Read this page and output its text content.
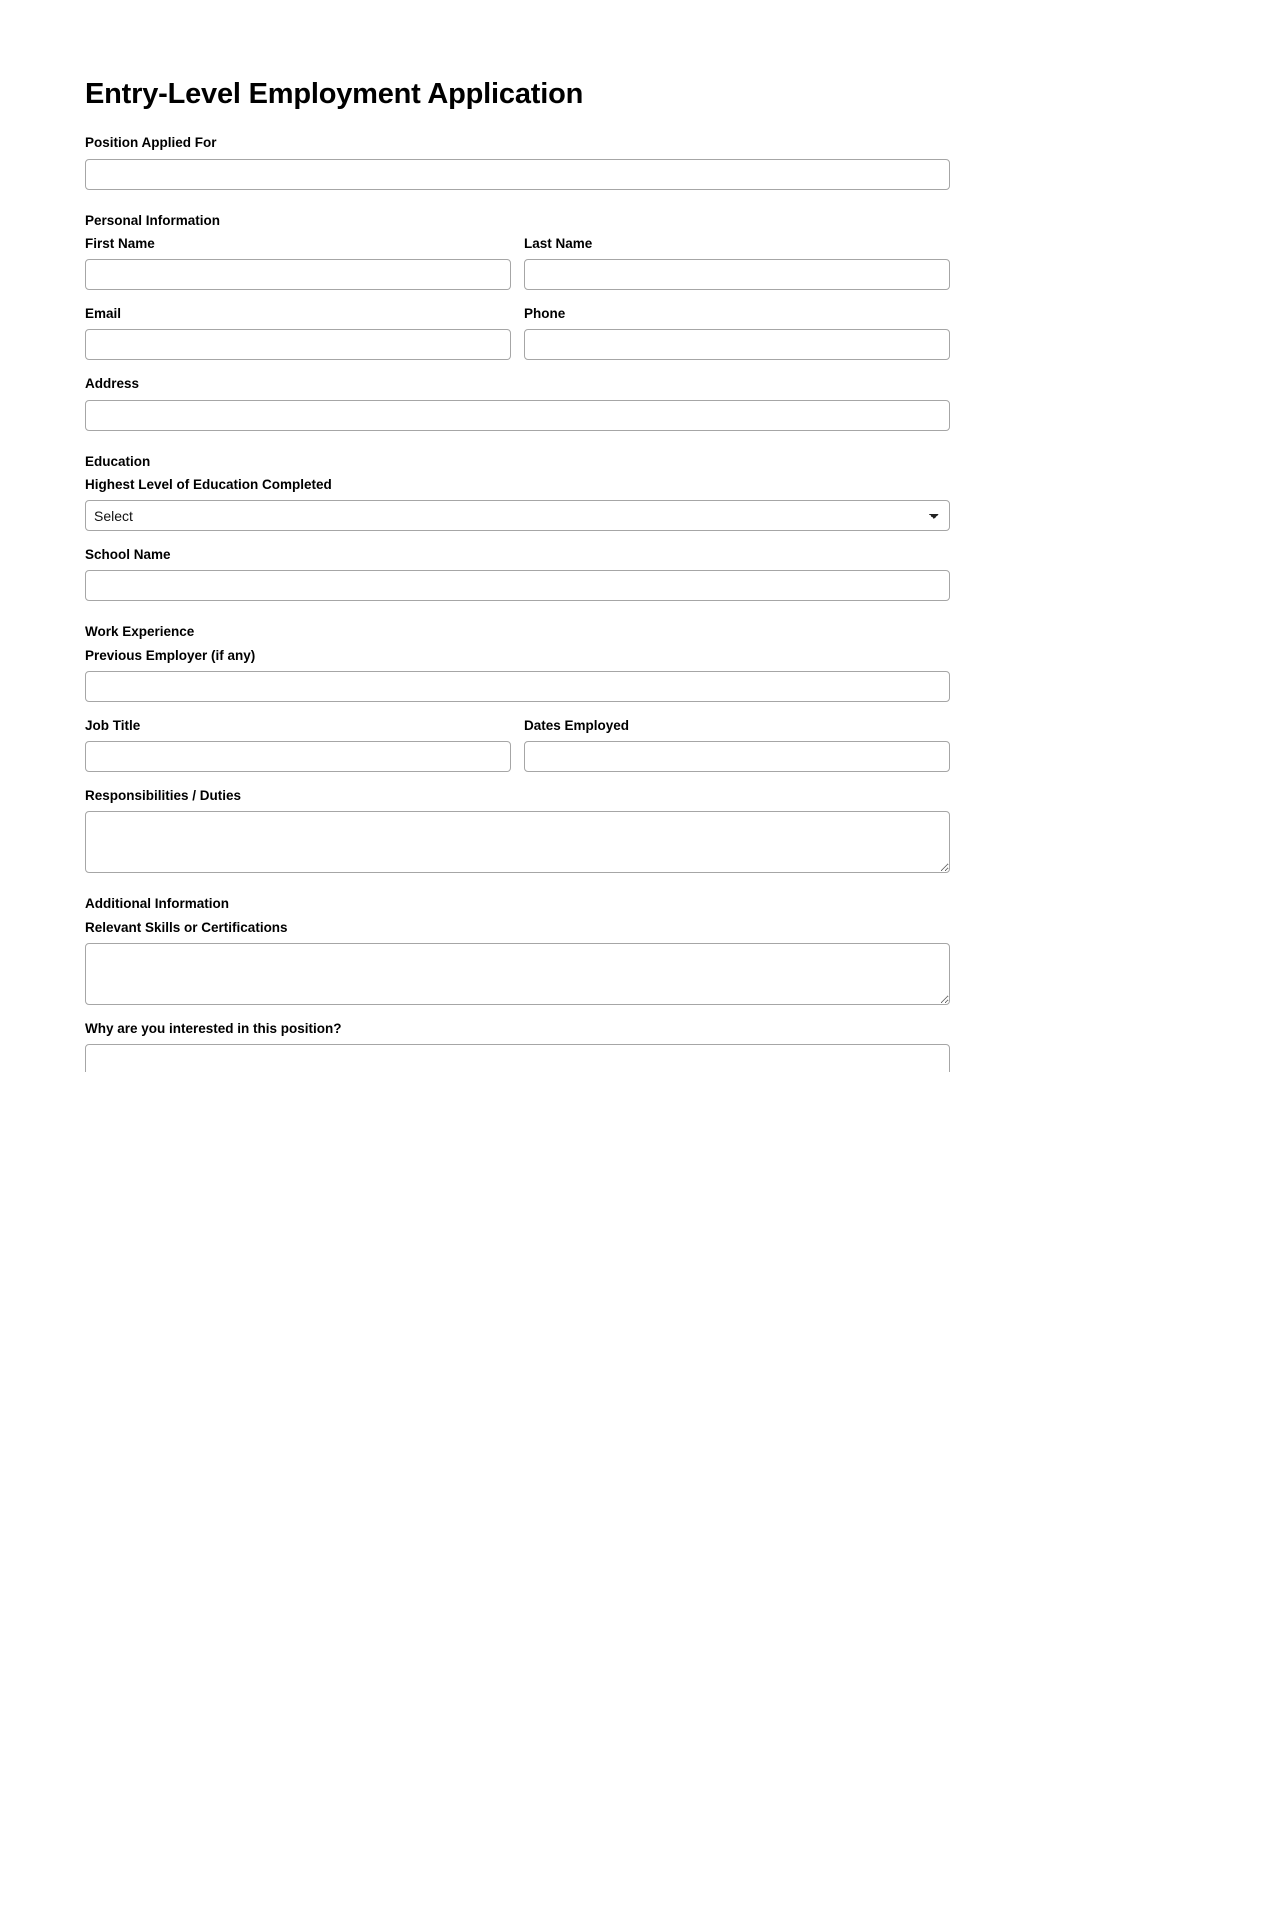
Entry-Level Employment Application
Position Applied For
Personal Information
First Name	Last Name
Email	Phone
Address
Education
Highest Level of Education Completed
Select
School Name
Work Experience
Previous Employer (if any)
Job Title	Dates Employed
Responsibilities / Duties
Additional Information
Relevant Skills or Certifications
Why are you interested in this position?
